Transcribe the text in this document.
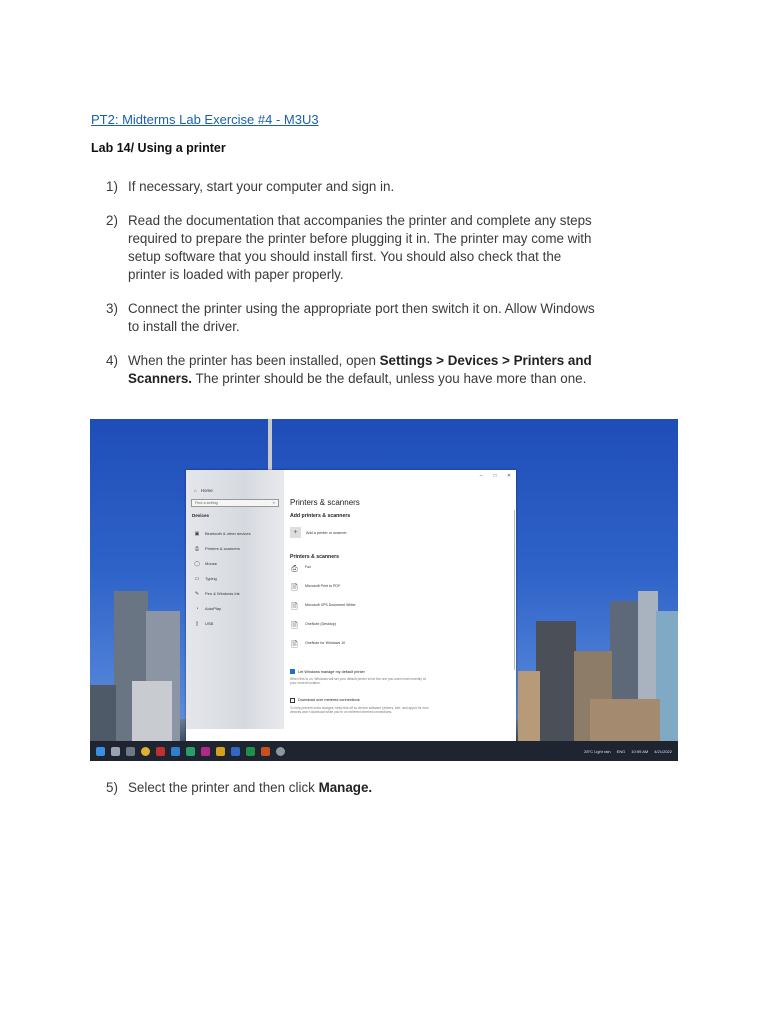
PT2: Midterms Lab Exercise #4 - M3U3
Lab 14/ Using a printer
1) If necessary, start your computer and sign in.
2) Read the documentation that accompanies the printer and complete any steps required to prepare the printer before plugging it in. The printer may come with setup software that you should install first. You should also check that the printer is loaded with paper properly.
3) Connect the printer using the appropriate port then switch it on. Allow Windows to install the driver.
4) When the printer has been installed, open Settings > Devices > Printers and Scanners. The printer should be the default, unless you have more than one.
–	□	✕
⌂ Home
Find a setting	⌕
Devices
▣ Bluetooth & other devices
⎙ Printers & scanners
◯ Mouse
▭ Typing
✎ Pen & Windows Ink
◔	AutoPlay
▯	USB
Printers & scanners
Add printers & scanners
+	Add a printer or scanner
Printers & scanners
⎙	Fax
🗎	Microsoft Print to PDF
🗎	Microsoft XPS Document Writer
🗎	OneNote (Desktop)
🗎	OneNote for Windows 10
Let Windows manage my default printer
When this is on, Windows will set your default printer to be the one you used most recently at your current location.
Download over metered connections
To help prevent extra charges, keep this off so device software (drivers, info, and apps) for new devices won't download while you're on metered Internet connections.
28°C Light rain ENG 10:59 AM 4/21/2022
5) Select the printer and then click Manage.
